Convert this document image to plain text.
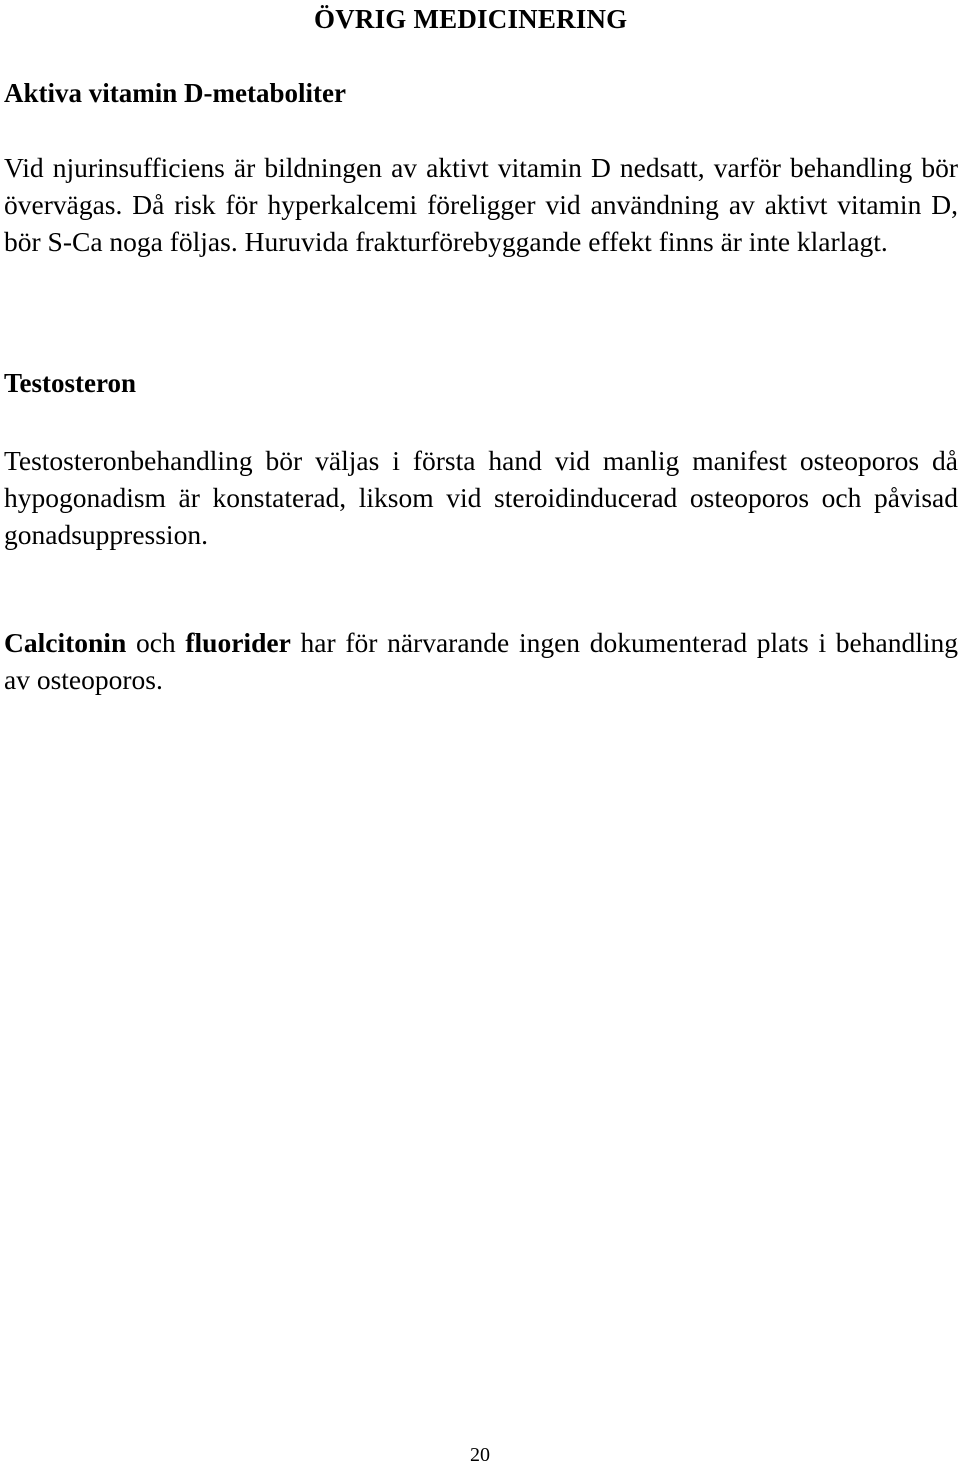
ÖVRIG MEDICINERING
Aktiva vitamin D-metaboliter

Vid njurinsufficiens är bildningen av aktivt vitamin D nedsatt, varför behandling bör övervägas. Då risk för hyperkalcemi föreligger vid användning av aktivt vitamin D, bör S-Ca noga följas. Huruvida frakturförebyggande effekt finns är inte klarlagt.

Testosteron

Testosteronbehandling bör väljas i första hand vid manlig manifest osteoporos då hypogonadism är konstaterad, liksom vid steroidinducerad osteoporos och påvisad gonadsuppression.

Calcitonin och fluorider har för närvarande ingen dokumenterad plats i behandling av osteoporos.

20
